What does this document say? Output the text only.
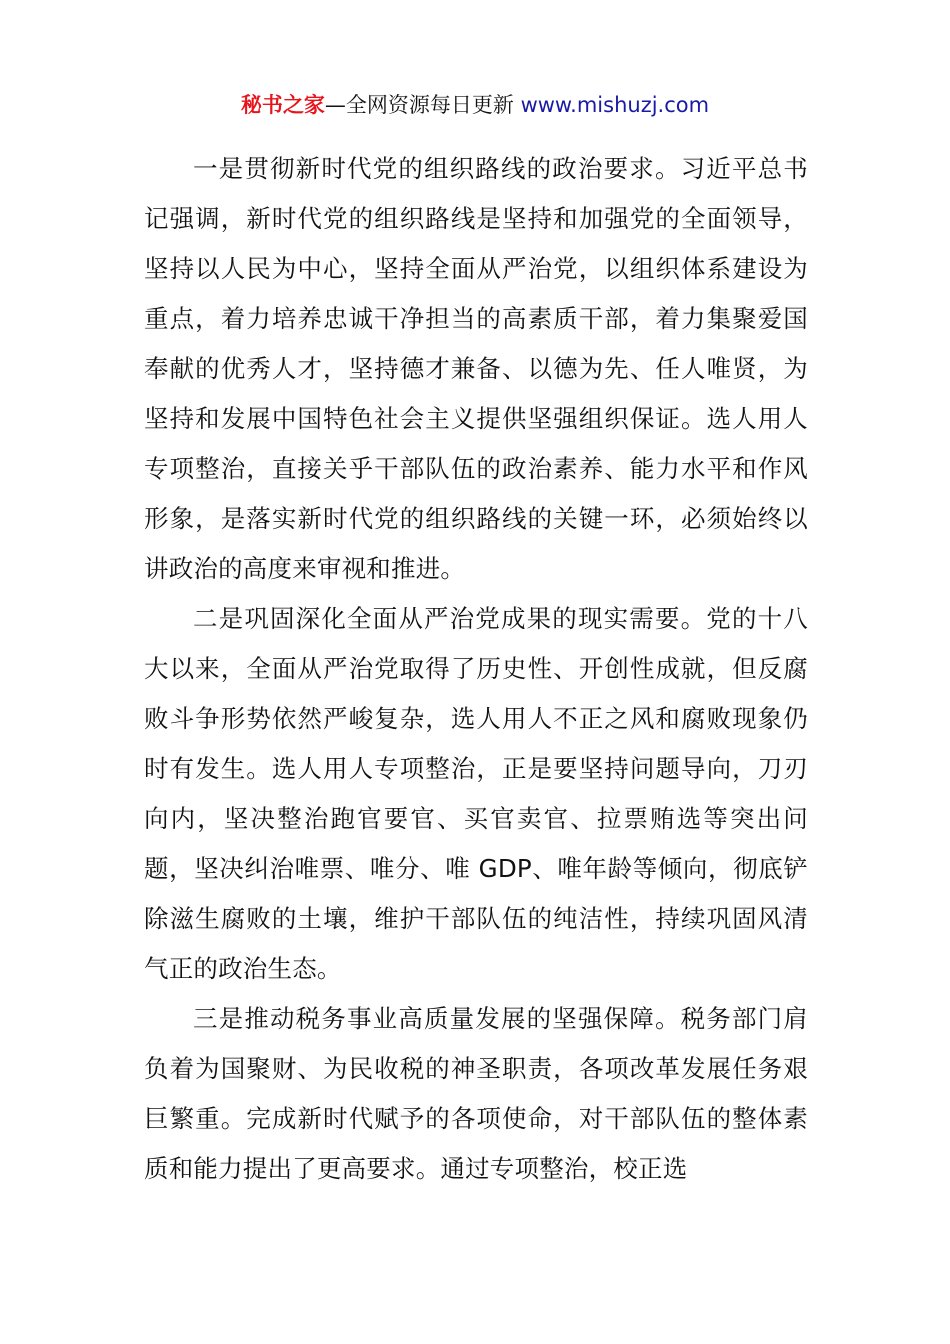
秘书之家—全网资源每日更新 www.mishuzj.com

一是贯彻新时代党的组织路线的政治要求。习近平总书记强调，新时代党的组织路线是坚持和加强党的全面领导，坚持以人民为中心，坚持全面从严治党，以组织体系建设为重点，着力培养忠诚干净担当的高素质干部，着力集聚爱国奉献的优秀人才，坚持德才兼备、以德为先、任人唯贤，为坚持和发展中国特色社会主义提供坚强组织保证。选人用人专项整治，直接关乎干部队伍的政治素养、能力水平和作风形象，是落实新时代党的组织路线的关键一环，必须始终以讲政治的高度来审视和推进。

二是巩固深化全面从严治党成果的现实需要。党的十八大以来，全面从严治党取得了历史性、开创性成就，但反腐败斗争形势依然严峻复杂，选人用人不正之风和腐败现象仍时有发生。选人用人专项整治，正是要坚持问题导向，刀刃向内，坚决整治跑官要官、买官卖官、拉票贿选等突出问题，坚决纠治唯票、唯分、唯 GDP、唯年龄等倾向，彻底铲除滋生腐败的土壤，维护干部队伍的纯洁性，持续巩固风清气正的政治生态。

三是推动税务事业高质量发展的坚强保障。税务部门肩负着为国聚财、为民收税的神圣职责，各项改革发展任务艰巨繁重。完成新时代赋予的各项使命，对干部队伍的整体素质和能力提出了更高要求。通过专项整治，校正选
